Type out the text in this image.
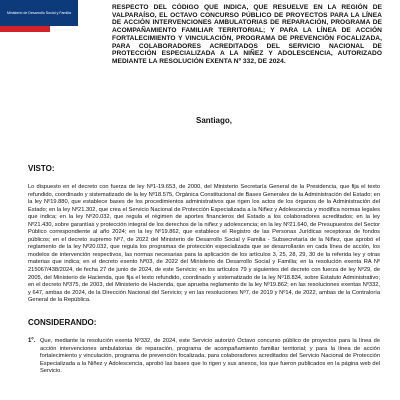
Ministerio de Desarrollo Social y Familia
RESPECTO DEL CÓDIGO QUE INDICA, QUE RESUELVE EN LA REGIÓN DE VALPARAÍSO, EL OCTAVO CONCURSO PÚBLICO DE PROYECTOS PARA LA LÍNEA DE ACCIÓN INTERVENCIONES AMBULATORIAS DE REPARACIÓN, PROGRAMA DE ACOMPAÑAMIENTO FAMILIAR TERRITORIAL; Y PARA LA LÍNEA DE ACCIÓN FORTALECIMIENTO Y VINCULACIÓN, PROGRAMA DE PREVENCIÓN FOCALIZADA, PARA COLABORADORES ACREDITADOS DEL SERVICIO NACIONAL DE PROTECCIÓN ESPECIALIZADA A LA NIÑEZ Y ADOLESCENCIA, AUTORIZADO MEDIANTE LA RESOLUCIÓN EXENTA Nº 332, DE 2024.
Santiago,
VISTO:
Lo dispuesto en el decreto con fuerza de ley Nº1-19.653, de 2000, del Ministerio Secretaría General de la Presidencia, que fija el texto refundido, coordinado y sistematizado de la ley Nº18.575, Orgánica Constitucional de Bases Generales de la Administración del Estado; en la ley Nº19.880, que establece bases de los procedimientos administrativos que rigen los actos de los órganos de la Administración del Estado; en la ley Nº21.302, que crea el Servicio Nacional de Protección Especializada a la Niñez y Adolescencia y modifica normas legales que indica; en la ley Nº20.032, que regula el régimen de aportes financieros del Estado a los colaboradores acreditados; en la ley Nº21.430, sobre garantías y protección integral de los derechos de la niñez y adolescencia; en la ley Nº21.640, de Presupuestos del Sector Público correspondiente al año 2024; en la ley Nº19.862, que establece el Registro de las Personas Jurídicas receptoras de fondos públicos; en el decreto supremo Nº7, de 2022 del Ministerio de Desarrollo Social y Familia - Subsecretaría de la Niñez, que aprobó el reglamento de la ley Nº20.032, que regula los programas de protección especializada que se desarrollarán en cada línea de acción, los modelos de intervención respectivos, las normas necesarias para la aplicación de los artículos 3, 25, 28, 29, 30 de la referida ley y otras materias que indica; en el decreto exento Nº03, de 2022 del Ministerio de Desarrollo Social y Familia; en la resolución exenta RA Nº 215067/438/2024, de fecha 27 de junio de 2024, de este Servicio; en los artículos 79 y siguientes del decreto con fuerza de ley Nº29, de 2005, del Ministerio de Hacienda, que fija el texto refundido, coordinado y sistematizado de la ley Nº18.834, sobre Estatuto Administrativo; en el decreto Nº375, de 2003, del Ministerio de Hacienda, que aprueba reglamento de la ley Nº19.862; en las resoluciones exentas Nº332, y 647, ambas de 2024, de la Dirección Nacional del Servicio; y en las resoluciones Nº7, de 2019 y Nº14, de 2022, ambas de la Contraloría General de la República.
CONSIDERANDO:
1º. Que, mediante la resolución exenta Nº332, de 2024, este Servicio autorizó Octavo concurso público de proyectos para la línea de acción intervenciones ambulatorias de reparación, programa de acompañamiento familiar territorial; y para la línea de acción fortalecimiento y vinculación, programa de prevención focalizada, para colaboradores acreditados del Servicio Nacional de Protección Especializada a la Niñez y Adolescencia, aprobó las bases que lo rigen y sus anexos, los que fueron publicados en la página web del Servicio.
